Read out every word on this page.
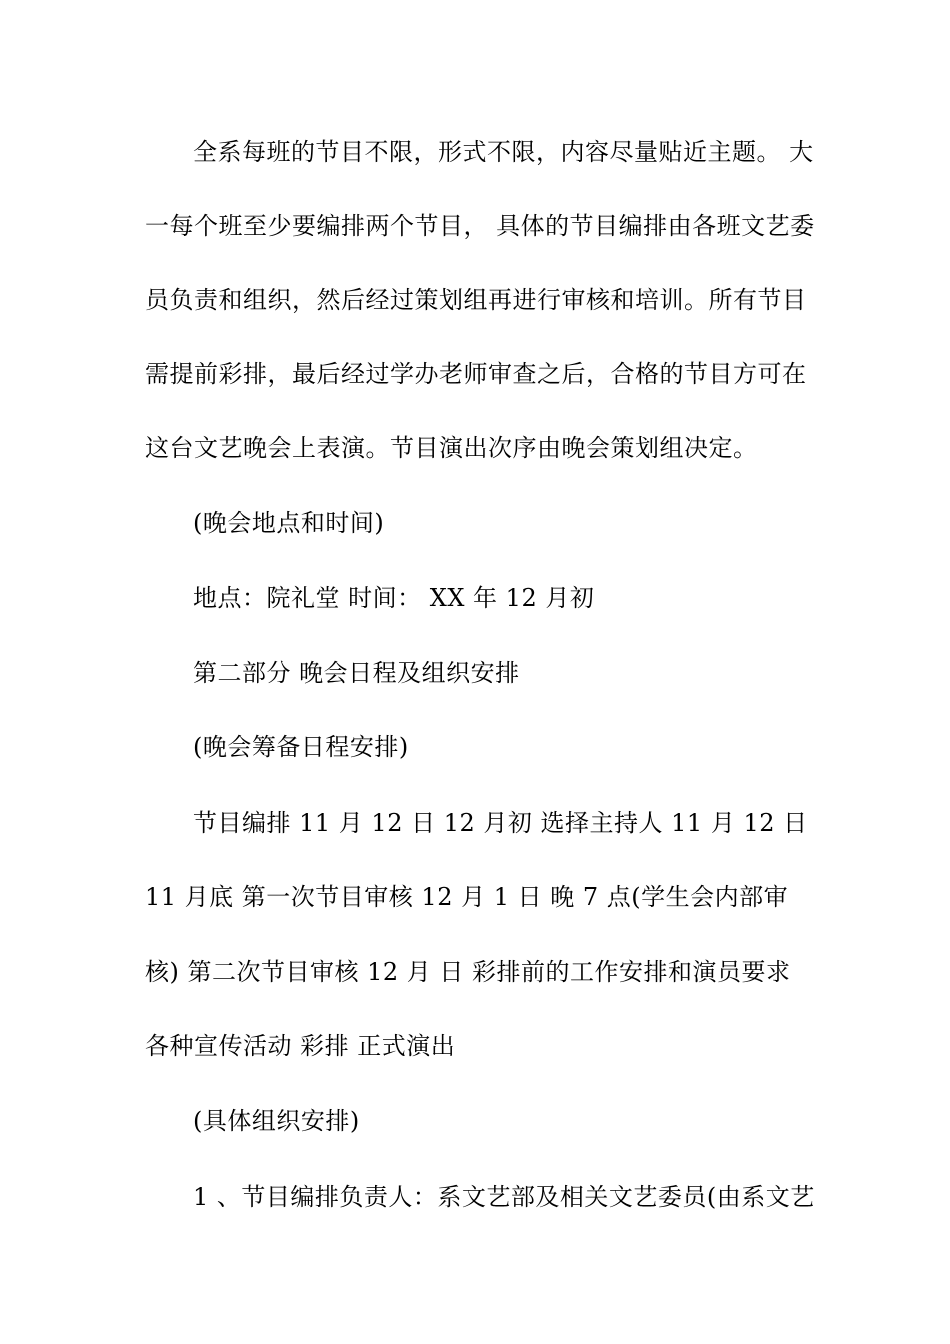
全系每班的节目不限，形式不限，内容尽量贴近主题。 大
一每个班至少要编排两个节目， 具体的节目编排由各班文艺委
员负责和组织，然后经过策划组再进行审核和培训。所有节目
需提前彩排，最后经过学办老师审查之后，合格的节目方可在
这台文艺晚会上表演。节目演出次序由晚会策划组决定。
(晚会地点和时间)
地点：院礼堂 时间： XX 年 12 月初
第二部分 晚会日程及组织安排
(晚会筹备日程安排)
节目编排 11 月 12 日 12 月初 选择主持人 11 月 12 日
11 月底 第一次节目审核 12 月 1 日 晚 7 点(学生会内部审
核) 第二次节目审核 12 月 日 彩排前的工作安排和演员要求
各种宣传活动 彩排 正式演出
(具体组织安排)
1 、节目编排负责人：系文艺部及相关文艺委员(由系文艺
